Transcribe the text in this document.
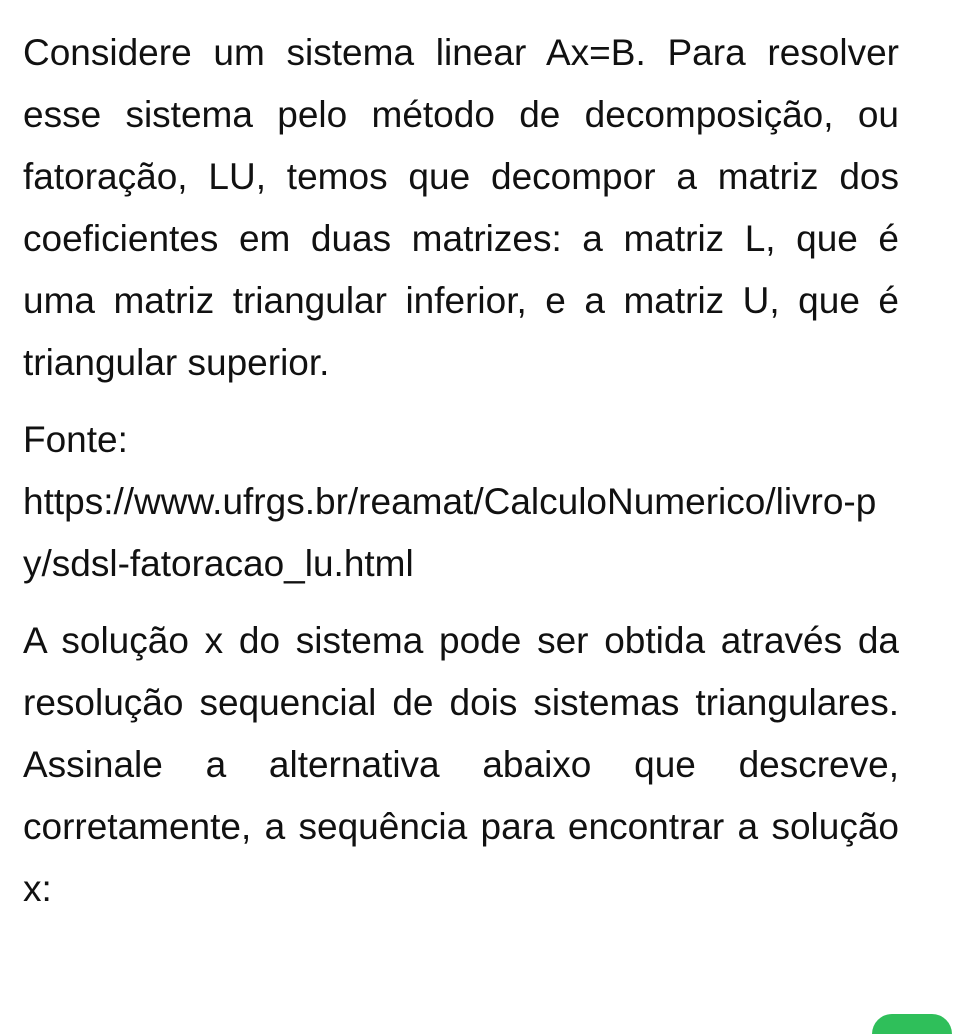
Considere um sistema linear Ax=B. Para resolver esse sistema pelo método de decomposição, ou fatoração, LU, temos que decompor a matriz dos coeficientes em duas matrizes: a matriz L, que é uma matriz triangular inferior, e a matriz U, que é triangular superior.

Fonte:

https://www.ufrgs.br/reamat/CalculoNumerico/livro-py/sdsl-fatoracao_lu.html

A solução x do sistema pode ser obtida através da resolução sequencial de dois sistemas triangulares. Assinale a alternativa abaixo que descreve, corretamente, a sequência para encontrar a solução x:
